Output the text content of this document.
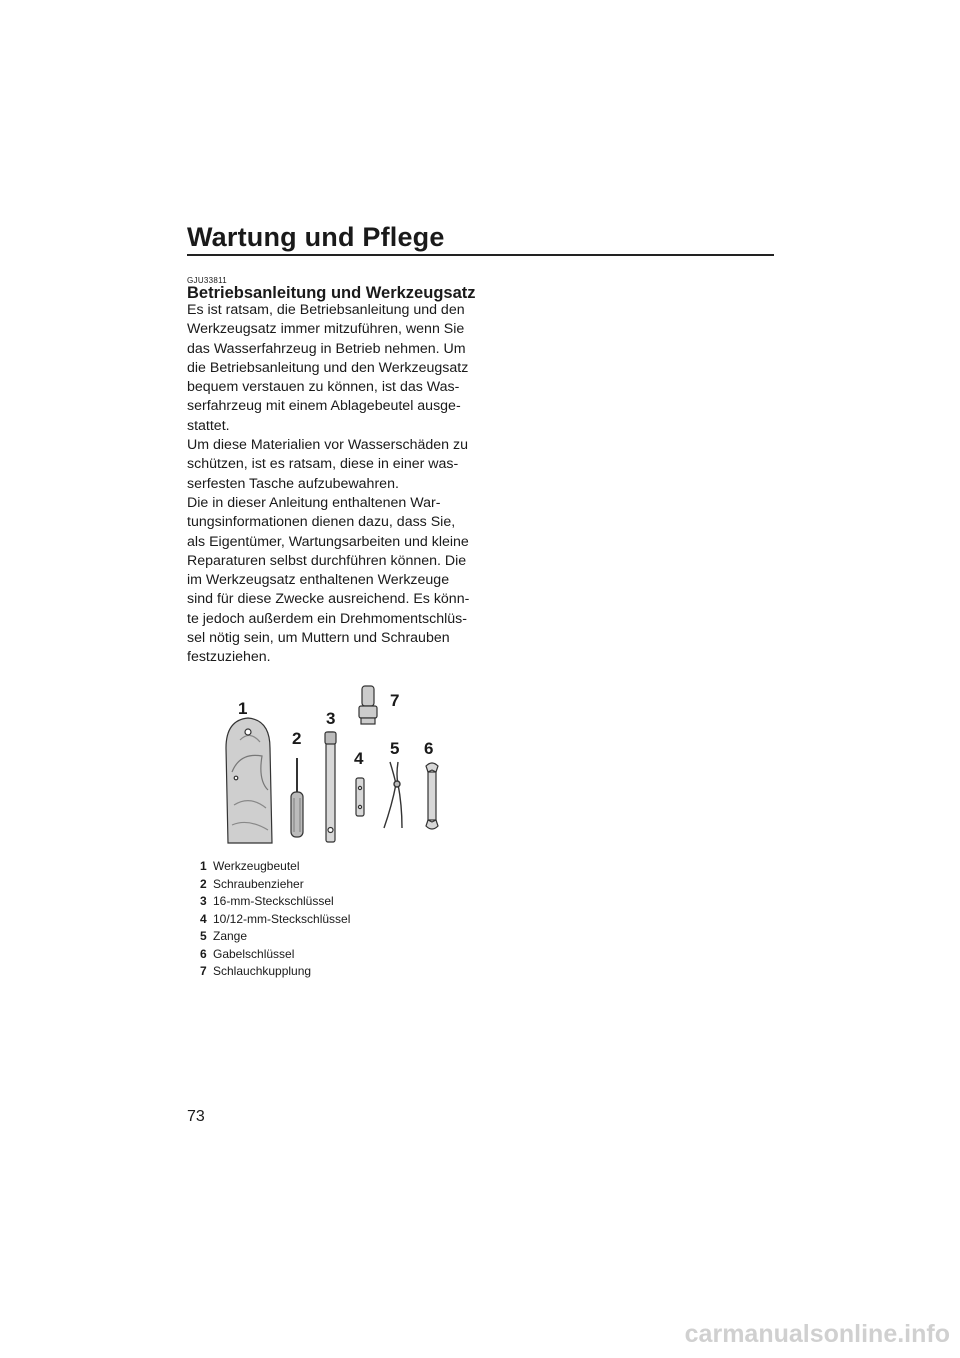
Wartung und Pflege
GJU33811
Betriebsanleitung und Werkzeugsatz

Es ist ratsam, die Betriebsanleitung und den Werkzeugsatz immer mitzuführen, wenn Sie das Wasserfahrzeug in Betrieb nehmen. Um die Betriebsanleitung und den Werkzeugsatz bequem verstauen zu können, ist das Was-serfahrzeug mit einem Ablagebeutel ausge-stattet.

Um diese Materialien vor Wasserschäden zu schützen, ist es ratsam, diese in einer was-serfesten Tasche aufzubewahren.

Die in dieser Anleitung enthaltenen War-tungsinformationen dienen dazu, dass Sie, als Eigentümer, Wartungsarbeiten und kleine Reparaturen selbst durchführen können. Die im Werkzeugsatz enthaltenen Werkzeuge sind für diese Zwecke ausreichend. Es könn-te jedoch außerdem ein Drehmomentschlüs-sel nötig sein, um Muttern und Schrauben festzuziehen.

1
2
3
4
5 6
7
1 Werkzeugbeutel
2 Schraubenzieher
3 16-mm-Steckschlüssel
4 10/12-mm-Steckschlüssel
5 Zange
6 Gabelschlüssel
7 Schlauchkupplung
73
carmanualsonline.info
